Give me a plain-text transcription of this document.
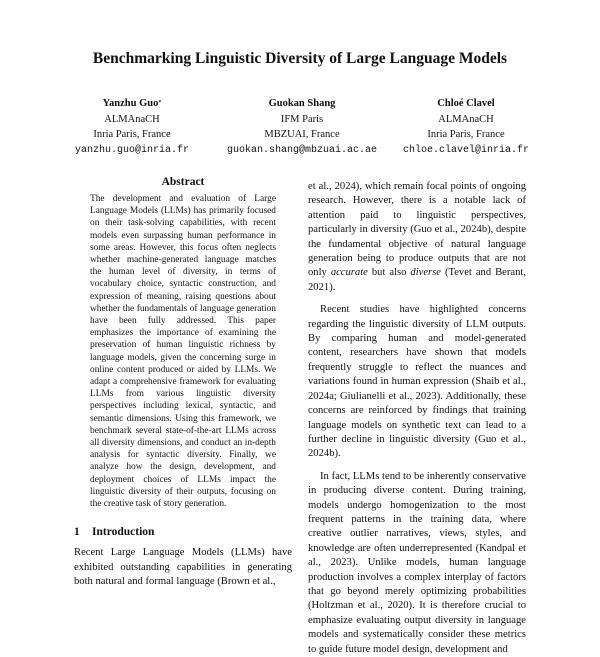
Benchmarking Linguistic Diversity of Large Language Models
Yanzhu Guo*
ALMAnaCH
Inria Paris, France
yanzhu.guo@inria.fr
Guokan Shang
IFM Paris
MBZUAI, France
guokan.shang@mbzuai.ac.ae
Chloé Clavel
ALMAnaCH
Inria Paris, France
chloe.clavel@inria.fr
Abstract

The development and evaluation of Large Language Models (LLMs) has primarily focused on their task-solving capabilities, with recent models even surpassing human performance in some areas. However, this focus often neglects whether machine-generated language matches the human level of diversity, in terms of vocabulary choice, syntactic construction, and expression of meaning, raising questions about whether the fundamentals of language generation have been fully addressed. This paper emphasizes the importance of examining the preservation of human linguistic richness by language models, given the concerning surge in online content produced or aided by LLMs. We adapt a comprehensive framework for evaluating LLMs from various linguistic diversity perspectives including lexical, syntactic, and semantic dimensions. Using this framework, we benchmark several state-of-the-art LLMs across all diversity dimensions, and conduct an in-depth analysis for syntactic diversity. Finally, we analyze how the design, development, and deployment choices of LLMs impact the linguistic diversity of their outputs, focusing on the creative task of story generation.

1 Introduction

Recent Large Language Models (LLMs) have exhibited outstanding capabilities in generating both natural and formal language (Brown et al.,

et al., 2024), which remain focal points of ongoing research. However, there is a notable lack of attention paid to linguistic perspectives, particularly in diversity (Guo et al., 2024b), despite the fundamental objective of natural language generation being to produce outputs that are not only accurate but also diverse (Tevet and Berant, 2021).

Recent studies have highlighted concerns regarding the linguistic diversity of LLM outputs. By comparing human and model-generated content, researchers have shown that models frequently struggle to reflect the nuances and variations found in human expression (Shaib et al., 2024a; Giulianelli et al., 2023). Additionally, these concerns are reinforced by findings that training language models on synthetic text can lead to a further decline in linguistic diversity (Guo et al., 2024b).

In fact, LLMs tend to be inherently conservative in producing diverse content. During training, models undergo homogenization to the most frequent patterns in the training data, where creative outlier narratives, views, styles, and knowledge are often underrepresented (Kandpal et al., 2023). Unlike models, human language production involves a complex interplay of factors that go beyond merely optimizing probabilities (Holtzman et al., 2020). It is therefore crucial to emphasize evaluating output diversity in language models and systematically consider these metrics to guide future model design, development and
